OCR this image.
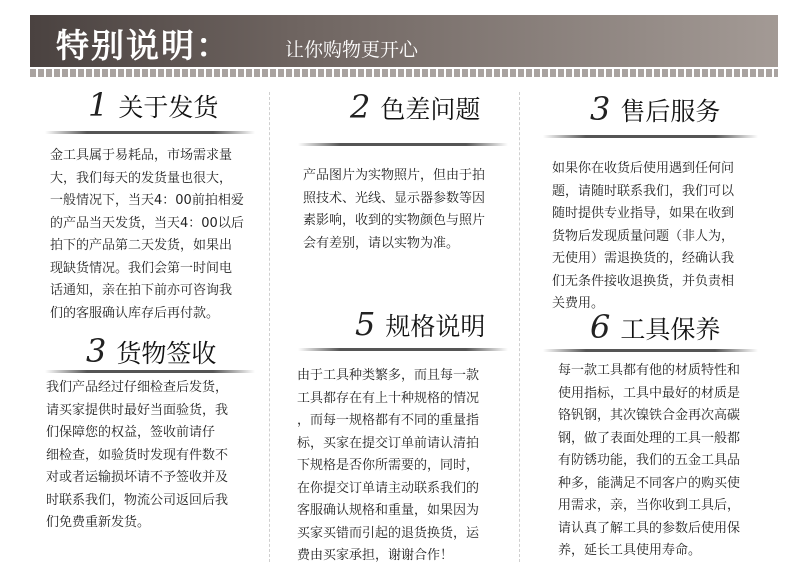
特别说明：	让你购物更开心
1 关于发货
金工具属于易耗品，市场需求量
大，我们每天的发货量也很大，
一般情况下，当天4：00前拍相爱
的产品当天发货，当天4：00以后
拍下的产品第二天发货，如果出
现缺货情况。我们会第一时间电
话通知，亲在拍下前亦可咨询我
们的客服确认库存后再付款。
2 色差问题
产品图片为实物照片，但由于拍
照技术、光线、显示器参数等因
素影响，收到的实物颜色与照片
会有差别，请以实物为准。
3 售后服务
如果你在收货后使用遇到任何问
题，请随时联系我们，我们可以
随时提供专业指导，如果在收到
货物后发现质量问题（非人为，
无使用）需退换货的，经确认我
们无条件接收退换货，并负责相
关费用。
3 货物签收
我们产品经过仔细检查后发货，
请买家提供时最好当面验货，我
们保障您的权益，签收前请仔
细检查，如验货时发现有件数不
对或者运输损坏请不予签收并及
时联系我们，物流公司返回后我
们免费重新发货。
5 规格说明
由于工具种类繁多，而且每一款
工具都存在有上十种规格的情况
，而每一规格都有不同的重量指
标，买家在提交订单前请认清拍
下规格是否你所需要的，同时，
在你提交订单请主动联系我们的
客服确认规格和重量，如果因为
买家买错而引起的退货换货，运
费由买家承担，谢谢合作！
6 工具保养
每一款工具都有他的材质特性和
使用指标，工具中最好的材质是
铬钒钢，其次镍铁合金再次高碳
钢，做了表面处理的工具一般都
有防锈功能，我们的五金工具品
种多，能满足不同客户的购买使
用需求，亲，当你收到工具后，
请认真了解工具的参数后使用保
养，延长工具使用寿命。
